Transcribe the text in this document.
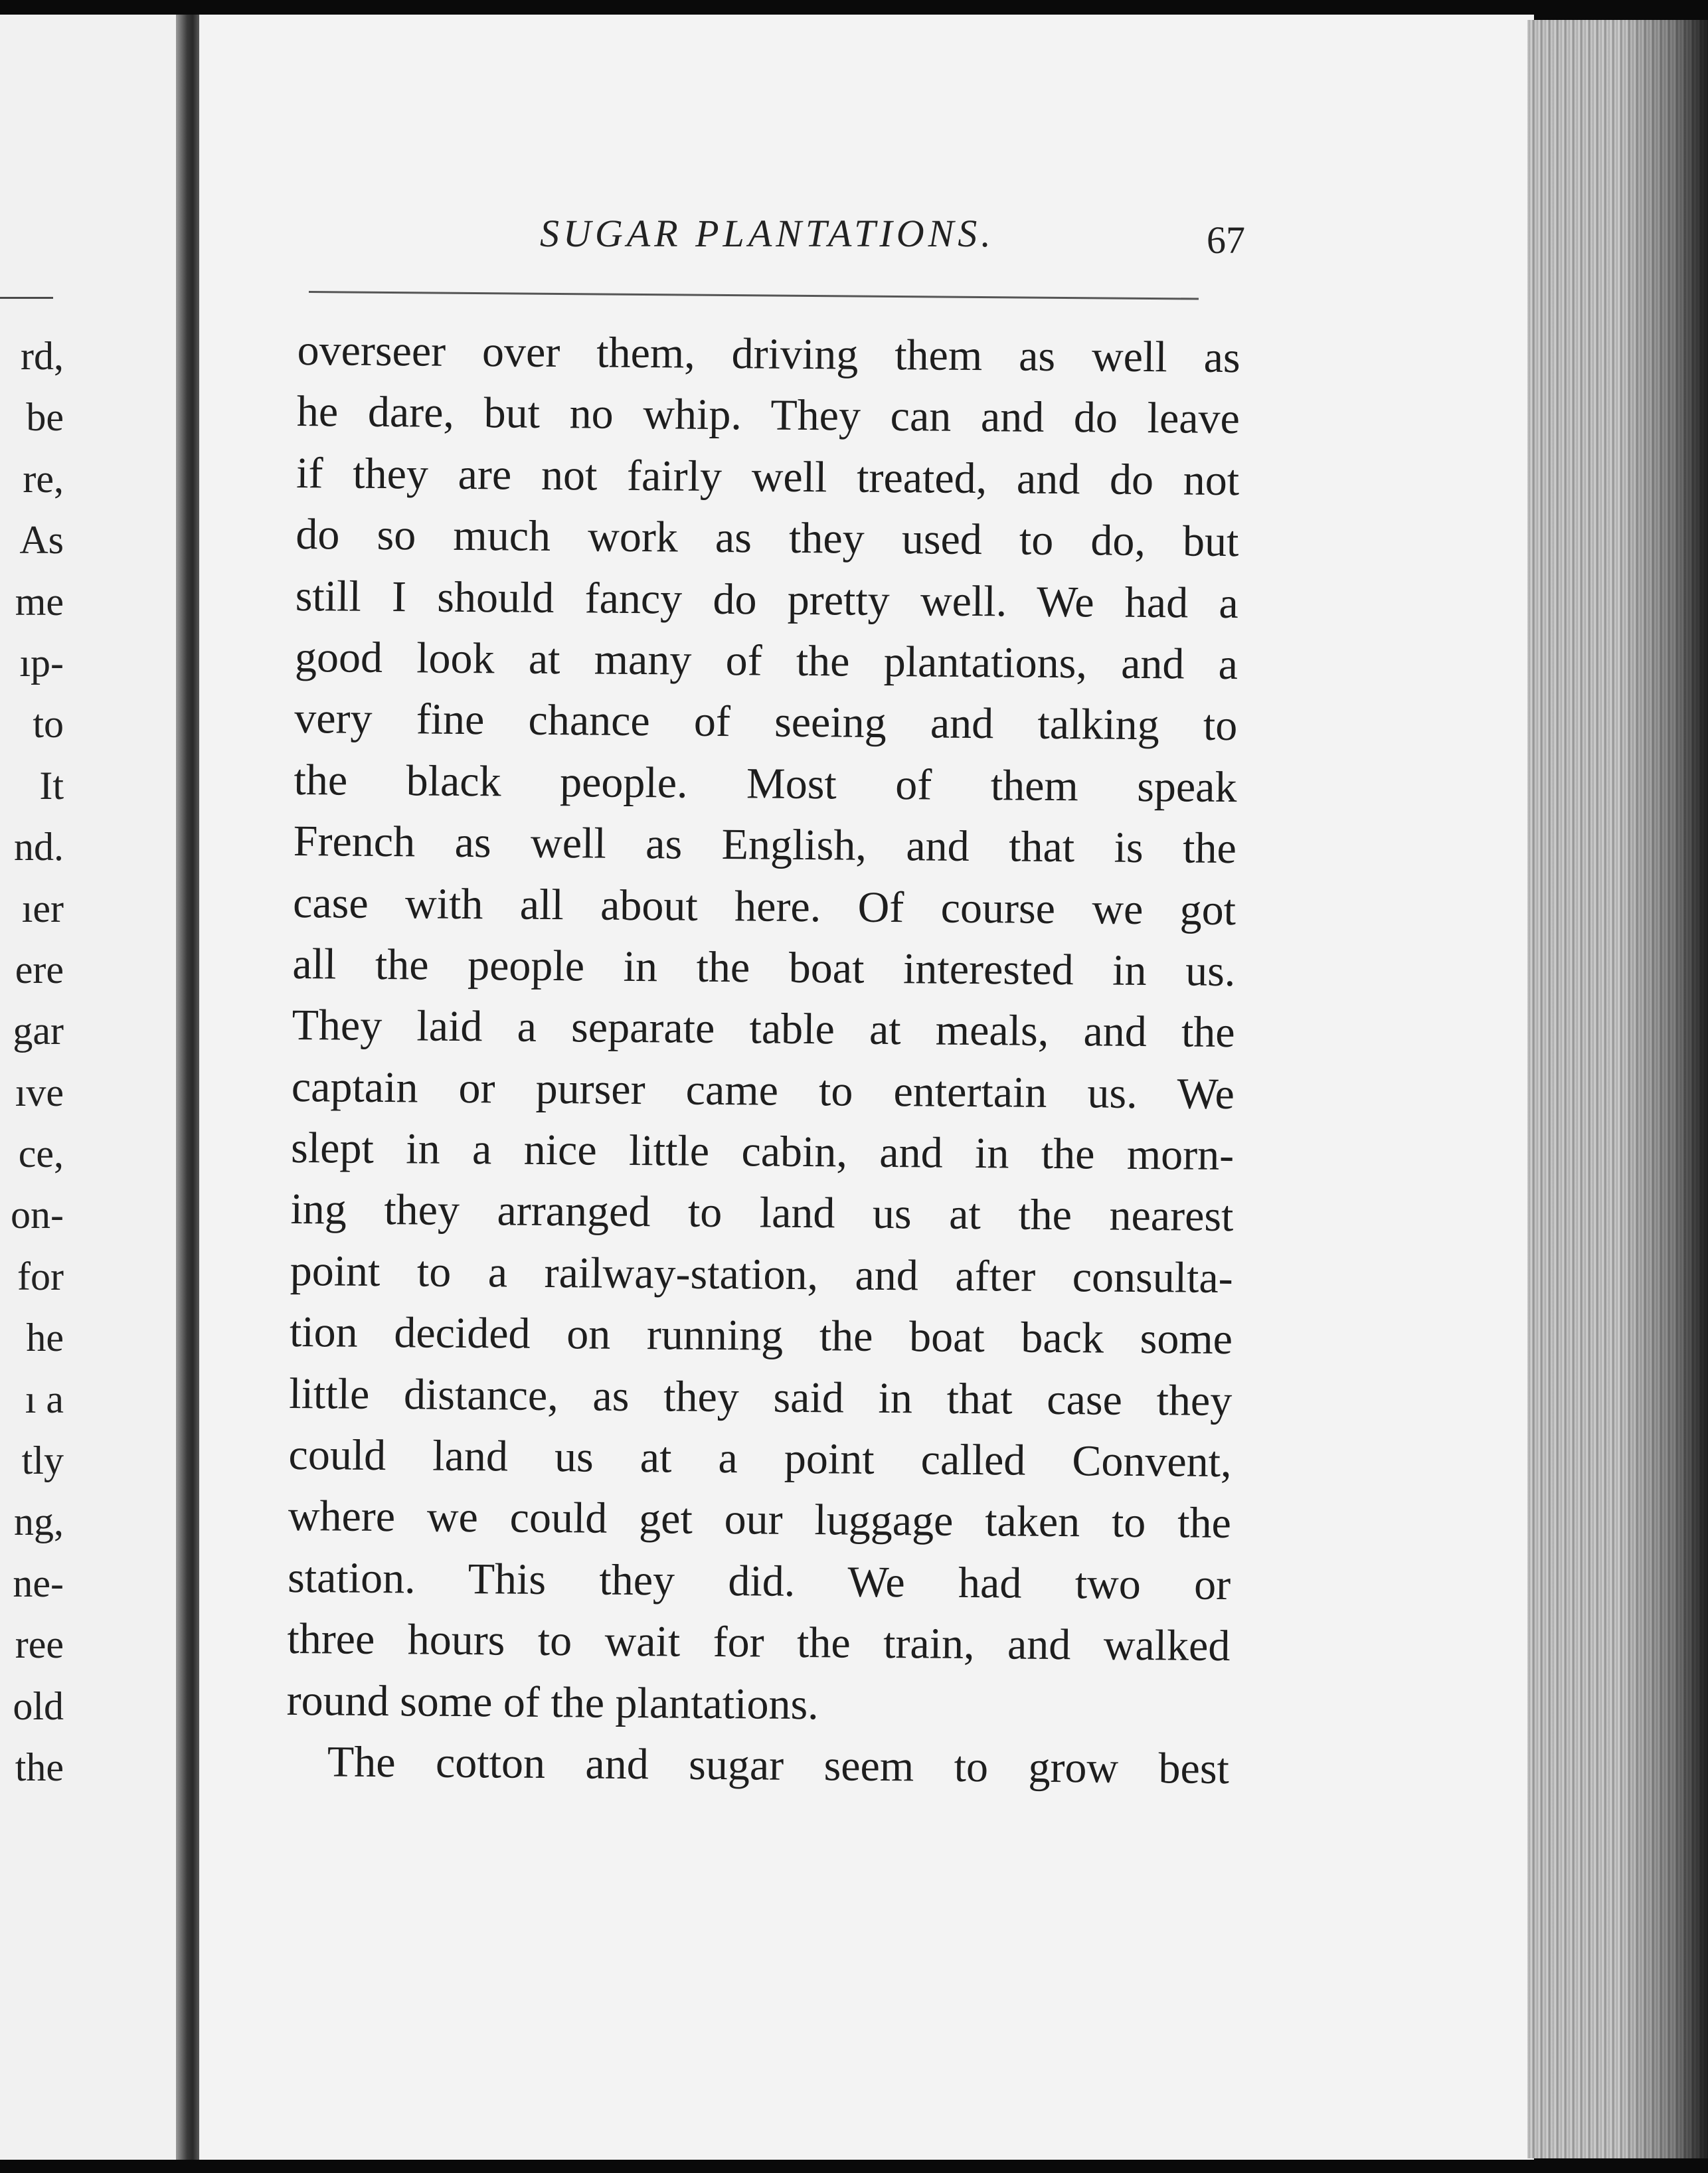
rd,
be
re,
As
me
ıp-
to
It
nd.
ıer
ere
gar
ıve
ce,
on-
for
he
ı a
tly
ng,
ne-
ree
old
the
SUGAR PLANTATIONS.	67
overseer over them, driving them as well as
he dare, but no whip. They can and do leave
if they are not fairly well treated, and do not
do so much work as they used to do, but
still I should fancy do pretty well. We had a
good look at many of the plantations, and a
very fine chance of seeing and talking to
the black people. Most of them speak
French as well as English, and that is the
case with all about here. Of course we got
all the people in the boat interested in us.
They laid a separate table at meals, and the
captain or purser came to entertain us. We
slept in a nice little cabin, and in the morn-
ing they arranged to land us at the nearest
point to a railway-station, and after consulta-
tion decided on running the boat back some
little distance, as they said in that case they
could land us at a point called Convent,
where we could get our luggage taken to the
station. This they did. We had two or
three hours to wait for the train, and walked
round some of the plantations.
The cotton and sugar seem to grow best
